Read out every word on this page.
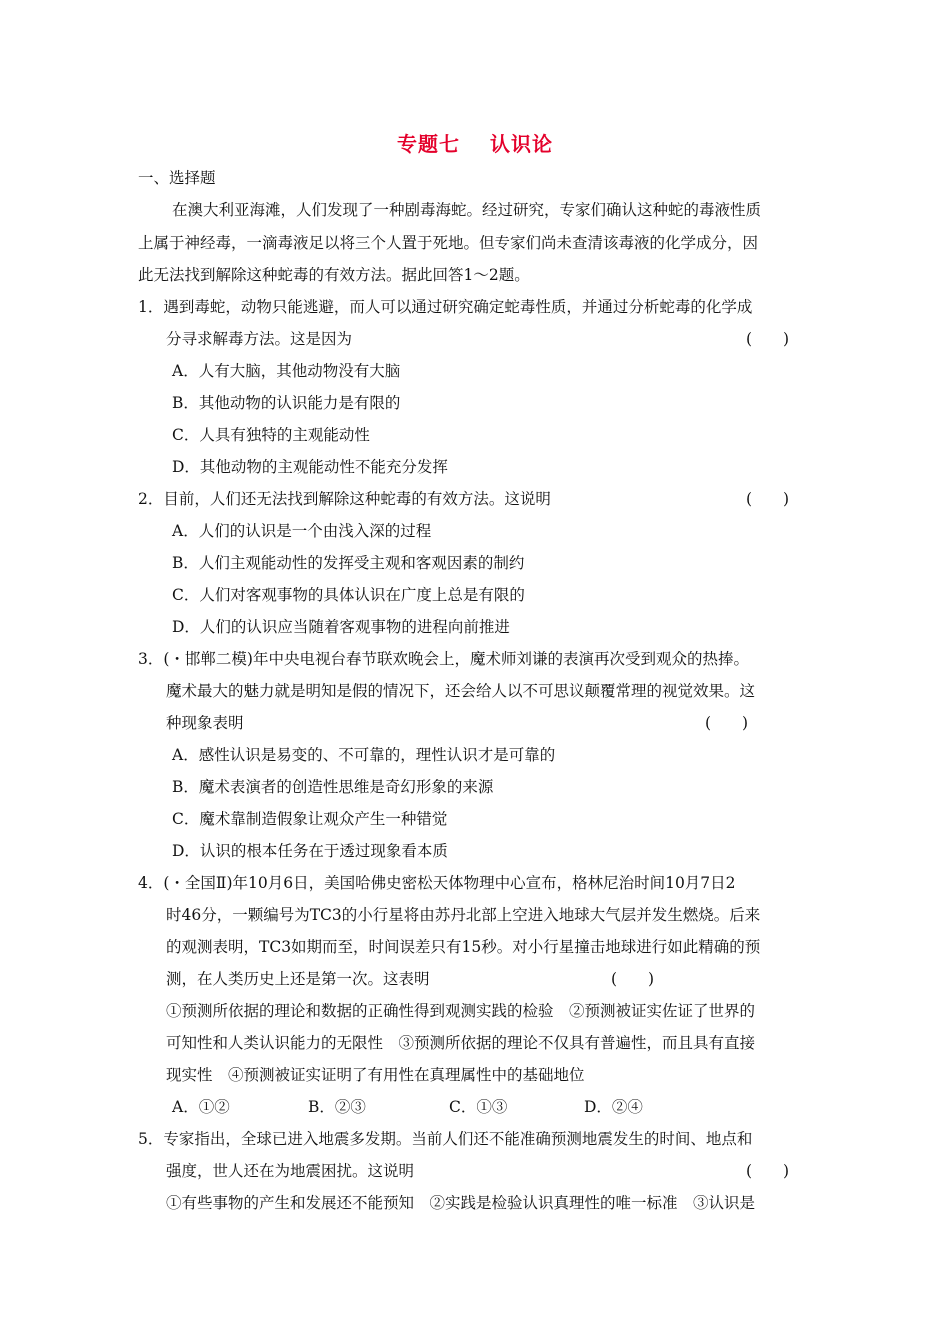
专题七 认识论
一、选择题
在澳大利亚海滩，人们发现了一种剧毒海蛇。经过研究，专家们确认这种蛇的毒液性质
上属于神经毒，一滴毒液足以将三个人置于死地。但专家们尚未查清该毒液的化学成分，因
此无法找到解除这种蛇毒的有效方法。据此回答1～2题。
1．遇到毒蛇，动物只能逃避，而人可以通过研究确定蛇毒性质，并通过分析蛇毒的化学成
分寻求解毒方法。这是因为	(　　)
A．人有大脑，其他动物没有大脑
B．其他动物的认识能力是有限的
C．人具有独特的主观能动性
D．其他动物的主观能动性不能充分发挥
2．目前，人们还无法找到解除这种蛇毒的有效方法。这说明	(　　)
A．人们的认识是一个由浅入深的过程
B．人们主观能动性的发挥受主观和客观因素的制约
C．人们对客观事物的具体认识在广度上总是有限的
D．人们的认识应当随着客观事物的进程向前推进
3．(・邯郸二模)年中央电视台春节联欢晚会上，魔术师刘谦的表演再次受到观众的热捧。
魔术最大的魅力就是明知是假的情况下，还会给人以不可思议颠覆常理的视觉效果。这
种现象表明	(　　)
A．感性认识是易变的、不可靠的，理性认识才是可靠的
B．魔术表演者的创造性思维是奇幻形象的来源
C．魔术靠制造假象让观众产生一种错觉
D．认识的根本任务在于透过现象看本质
4．(・全国Ⅱ)年10月6日，美国哈佛史密松天体物理中心宣布，格林尼治时间10月7日2
时46分，一颗编号为TC3的小行星将由苏丹北部上空进入地球大气层并发生燃烧。后来
的观测表明，TC3如期而至，时间误差只有15秒。对小行星撞击地球进行如此精确的预
测，在人类历史上还是第一次。这表明	(　　)
①预测所依据的理论和数据的正确性得到观测实践的检验　②预测被证实佐证了世界的
可知性和人类认识能力的无限性　③预测所依据的理论不仅具有普遍性，而且具有直接
现实性　④预测被证实证明了有用性在真理属性中的基础地位
A．①②	B．②③	C．①③	D．②④
5．专家指出，全球已进入地震多发期。当前人们还不能准确预测地震发生的时间、地点和
强度，世人还在为地震困扰。这说明	(　　)
①有些事物的产生和发展还不能预知　②实践是检验认识真理性的唯一标准　③认识是
